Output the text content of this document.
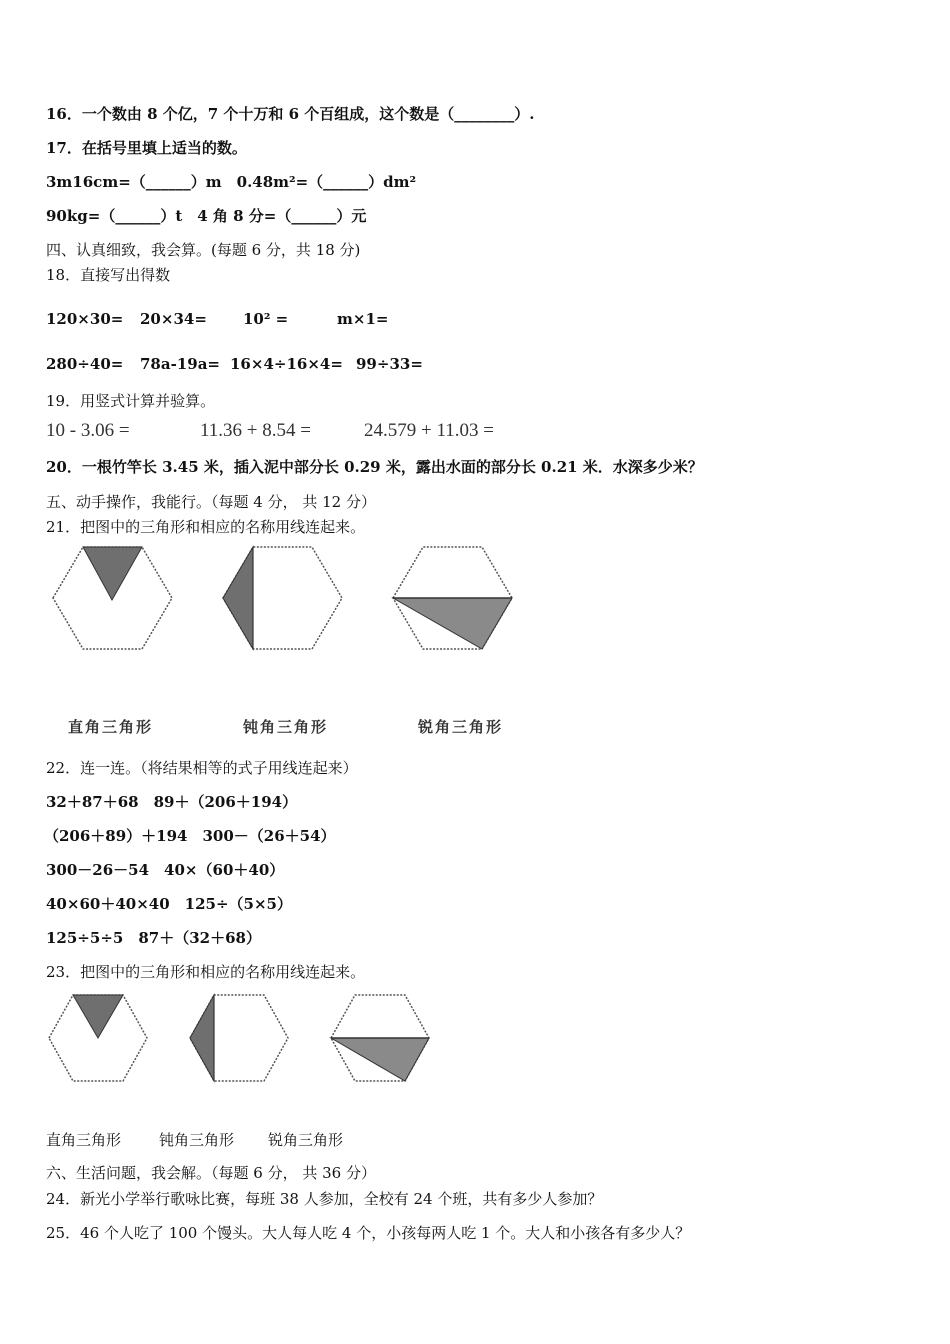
16．一个数由 8 个亿，7 个十万和 6 个百组成，这个数是（________）.
17．在括号里填上适当的数。
3m16cm=（______）m　0.48m²=（______）dm²
90kg=（______）t　4 角 8 分=（______）元
四、认真细致，我会算。(每题 6 分，共 18 分)
18．直接写出得数
120×30= 20×34= 10² =	m×1=
280÷40= 78a-19a= 16×4÷16×4= 99÷33=
19．用竖式计算并验算。
10 - 3.06 =	11.36 + 8.54 =	24.579 + 11.03 =
20．一根竹竿长 3.45 米，插入泥中部分长 0.29 米，露出水面的部分长 0.21 米．水深多少米？
五、动手操作，我能行。（每题 4 分， 共 12 分）
21．把图中的三角形和相应的名称用线连起来。
直角三角形	钝角三角形	锐角三角形
22．连一连。（将结果相等的式子用线连起来）
32＋87＋68　89＋（206＋194）
（206＋89）＋194　300－（26＋54）
300－26－54　40×（60＋40）
40×60＋40×40　125÷（5×5）
125÷5÷5　87＋（32＋68）
23．把图中的三角形和相应的名称用线连起来。
直角三角形	钝角三角形 锐角三角形
六、生活问题，我会解。（每题 6 分， 共 36 分）
24．新光小学举行歌咏比赛，每班 38 人参加，全校有 24 个班，共有多少人参加？
25．46 个人吃了 100 个馒头。大人每人吃 4 个，小孩每两人吃 1 个。大人和小孩各有多少人？
